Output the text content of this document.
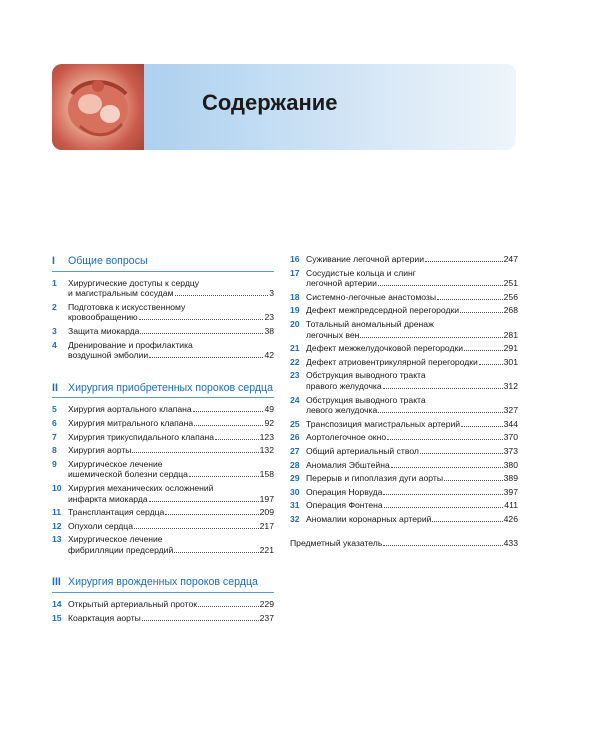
Содержание
I	Общие вопросы
1	Хирургические доступы к сердцу
и магистральным сосудам	3
2	Подготовка к искусственному
кровообращению	23
3	Защита миокарда	38
4	Дренирование и профилактика
воздушной эмболии	42
II Хирургия приобретенных пороков сердца
5	Хирургия аортального клапана	49
6	Хирургия митрального клапана	92
7	Хирургия трикуспидального клапана	123
8	Хирургия аорты	132
9	Хирургическое лечение
ишемической болезни сердца	158
10 Хирургия механических осложнений
инфаркта миокарда	197
11 Трансплантация сердца	209
12 Опухоли сердца	217
13 Хирургическое лечение
фибрилляции предсердий	221
III Хирургия врожденных пороков сердца
14 Открытый артериальный проток	229
15 Коарктация аорты	237
16 Суживание легочной артерии	247
17 Сосудистые кольца и слинг
легочной артерии	251
18 Системно-легочные анастомозы	256
19 Дефект межпредсердной перегородки	268
20 Тотальный аномальный дренаж
легочных вен	281
21 Дефект межжелудочковой перегородки	291
22 Дефект атриовентрикулярной перегородки	301
23 Обструкция выводного тракта
правого желудочка	312
24 Обструкция выводного тракта
левого желудочка	327
25 Транспозиция магистральных артерий	344
26 Аортолегочное окно	370
27 Общий артериальный ствол	373
28 Аномалия Эбштейна	380
29 Перерыв и гипоплазия дуги аорты	389
30 Операция Норвуда	397
31 Операция Фонтена	411
32 Аномалии коронарных артерий	426
Предметный указатель	433
